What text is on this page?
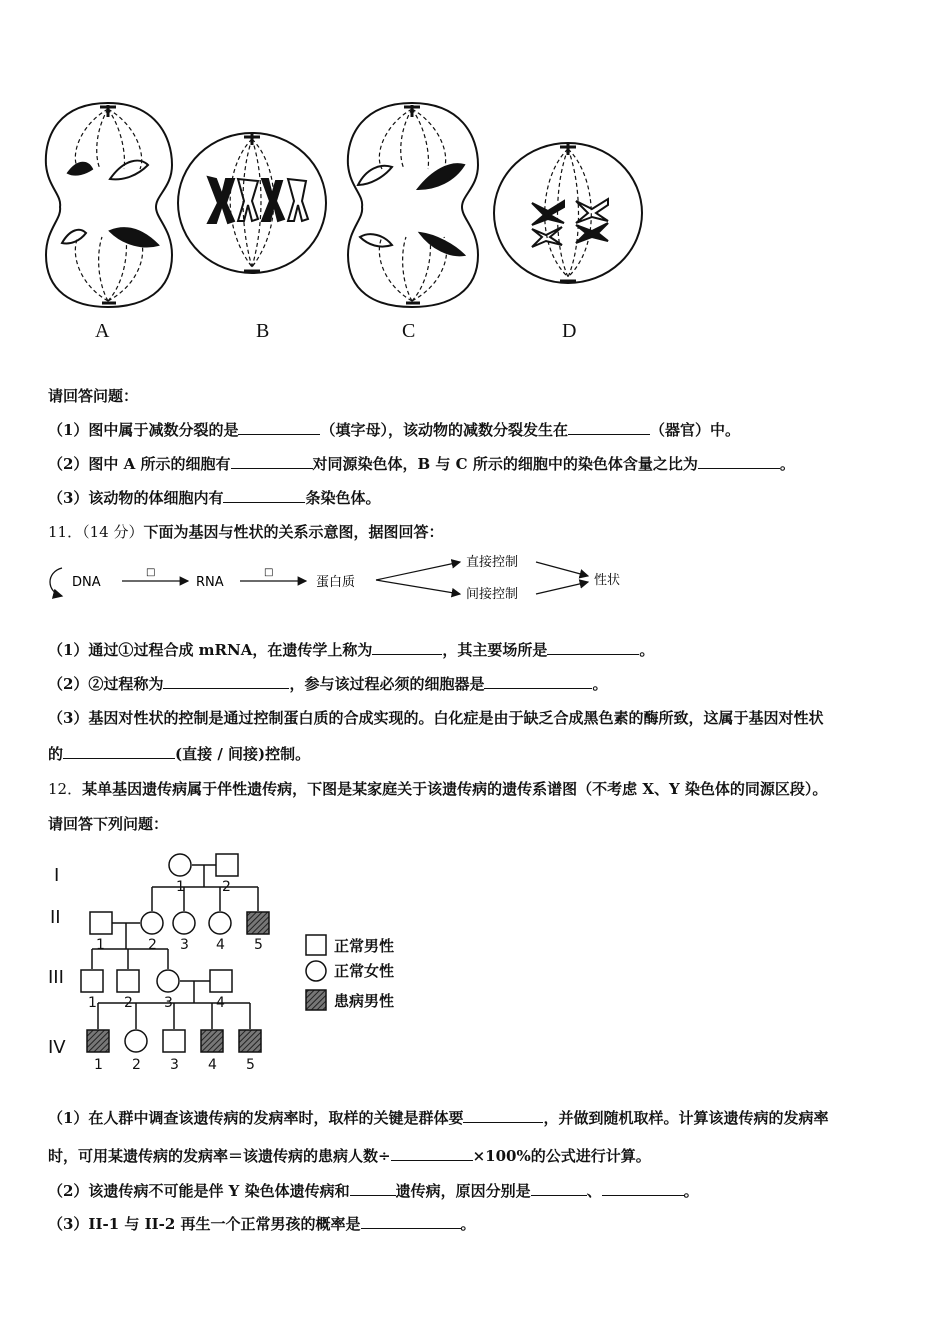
A	B	C	D
请回答问题：
（1）图中属于减数分裂的是	（填字母），该动物的减数分裂发生在	（器官）中。
（2）图中 A 所示的细胞有	对同源染色体，B 与 C 所示的细胞中的染色体含量之比为	。
（3）该动物的体细胞内有	条染色体。
11．（14 分）下面为基因与性状的关系示意图，据图回答：
DNA
□
RNA
□
蛋白质
直接控制
间接控制
性状
（1）通过①过程合成 mRNA，在遗传学上称为	，其主要场所是	。
（2）②过程称为	，参与该过程必须的细胞器是	。
（3）基因对性状的控制是通过控制蛋白质的合成实现的。白化症是由于缺乏合成黑色素的酶所致，这属于基因对性状
的	(直接 / 间接)控制。
12．某单基因遗传病属于伴性遗传病，下图是某家庭关于该遗传病的遗传系谱图（不考虑 X、Y 染色体的同源区段）。
请回答下列问题：
I
II
III
IV
1	2
1	2 3 4 5
1 2 3	4
1 2 3 4 5
正常男性
正常女性
患病男性
（1）在人群中调查该遗传病的发病率时，取样的关键是群体要	，并做到随机取样。计算该遗传病的发病率
时，可用某遗传病的发病率＝该遗传病的患病人数÷	×100%的公式进行计算。
（2）该遗传病不可能是伴 Y 染色体遗传病和	遗传病，原因分别是	、	。
（3）II-1 与 II-2 再生一个正常男孩的概率是	。
